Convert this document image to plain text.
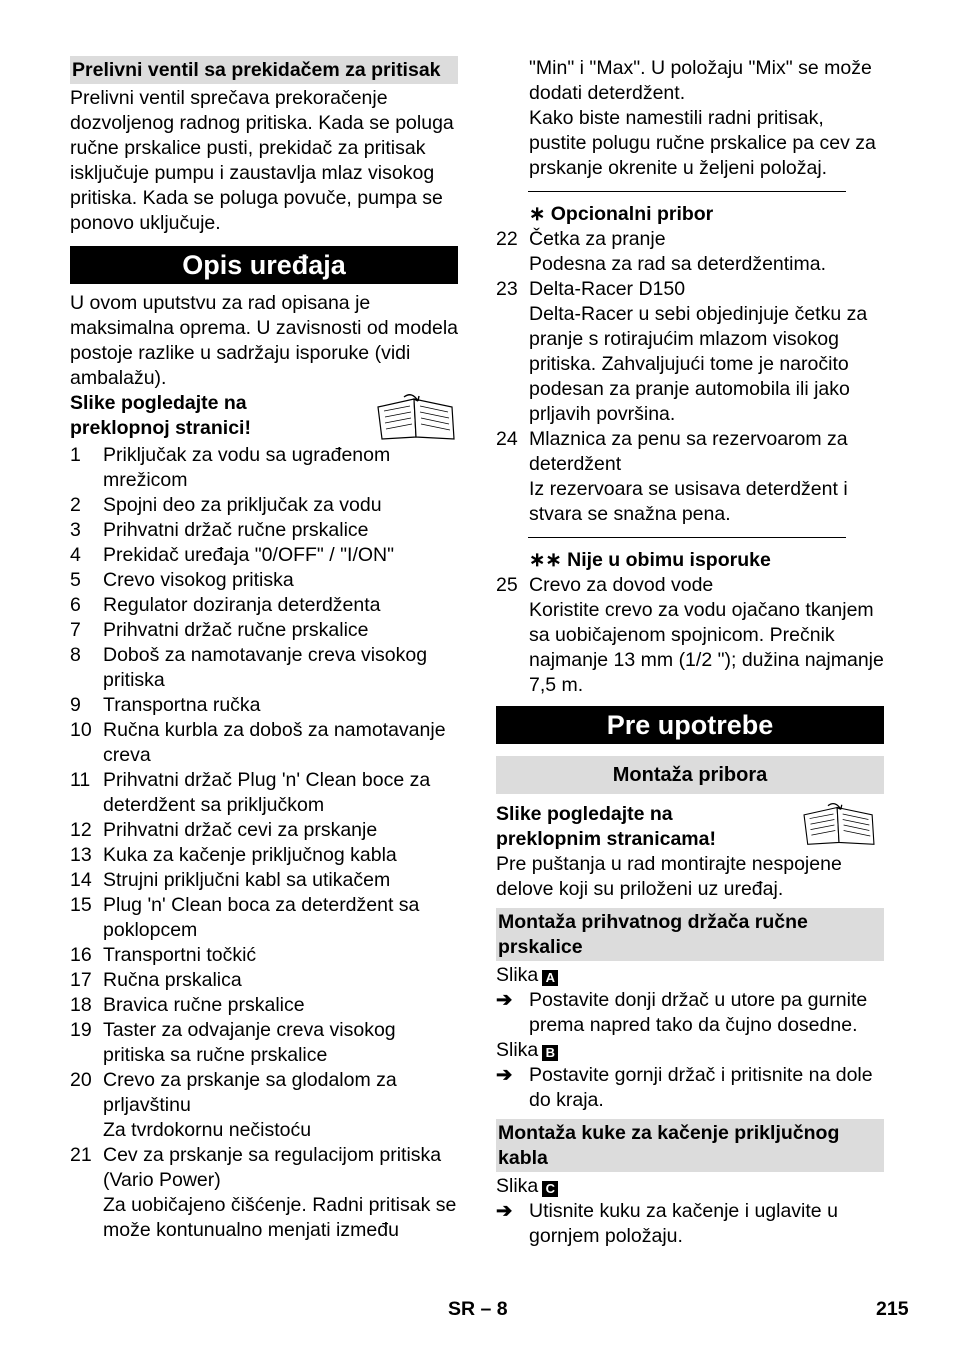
Prelivni ventil sa prekidačem za pritisak

Prelivni ventil sprečava prekoračenje dozvoljenog radnog pritiska. Kada se poluga ručne prskalice pusti, prekidač za pritisak isključuje pumpu i zaustavlja mlaz visokog pritiska. Kada se poluga povuče, pumpa se ponovo uključuje.

Opis uređaja

U ovom uputstvu za rad opisana je maksimalna oprema. U zavisnosti od modela postoje razlike u sadržaju isporuke (vidi ambalažu).

Slike pogledajte na preklopnoj stranici!
1	Priključak za vodu sa ugrađenom mrežicom
2	Spojni deo za priključak za vodu
3	Prihvatni držač ručne prskalice
4	Prekidač uređaja "0/OFF" / "I/ON"
5	Crevo visokog pritiska
6	Regulator doziranja deterdženta
7	Prihvatni držač ručne prskalice
8	Doboš za namotavanje creva visokog pritiska
9	Transportna ručka
10 Ručna kurbla za doboš za namotavanje creva
11 Prihvatni držač Plug 'n' Clean boce za deterdžent sa priključkom
12 Prihvatni držač cevi za prskanje
13 Kuka za kačenje priključnog kabla
14 Strujni priključni kabl sa utikačem
15 Plug 'n' Clean boca za deterdžent sa poklopcem
16 Transportni točkić
17 Ručna prskalica
18 Bravica ručne prskalice
19 Taster za odvajanje creva visokog pritiska sa ručne prskalice
20 Crevo za prskanje sa glodalom za prljavštinu
Za tvrdokornu nečistoću
21 Cev za prskanje sa regulacijom pritiska (Vario Power)
Za uobičajeno čišćenje. Radni pritisak se može kontunualno menjati između

"Min" i "Max". U položaju "Mix" se može dodati deterdžent.

Kako biste namestili radni pritisak, pustite polugu ručne prskalice pa cev za prskanje okrenite u željeni položaj.

∗ Opcionalni pribor
22 Četka za pranje
Podesna za rad sa deterdžentima.
23 Delta-Racer D150
Delta-Racer u sebi objedinjuje četku za pranje s rotirajućim mlazom visokog pritiska. Zahvaljujući tome je naročito podesan za pranje automobila ili jako prljavih površina.
24 Mlaznica za penu sa rezervoarom za deterdžent
Iz rezervoara se usisava deterdžent i stvara se snažna pena.
∗∗ Nije u obimu isporuke
25 Crevo za dovod vode
Koristite crevo za vodu ojačano tkanjem sa uobičajenom spojnicom. Prečnik najmanje 13 mm (1/2 "); dužina najmanje 7,5 m.
Pre upotrebe
Montaža pribora
Slike pogledajte na preklopnim stranicama!

Pre puštanja u rad montirajte nespojene delove koji su priloženi uz uređaj.

Montaža prihvatnog držača ručne prskalice
Slika A
➔ Postavite donji držač u utore pa gurnite prema napred tako da čujno dosedne.
Slika B
➔ Postavite gornji držač i pritisnite na dole do kraja.
Montaža kuke za kačenje priključnog kabla
Slika C
➔ Utisnite kuku za kačenje i uglavite u gornjem položaju.
SR – 8	215
